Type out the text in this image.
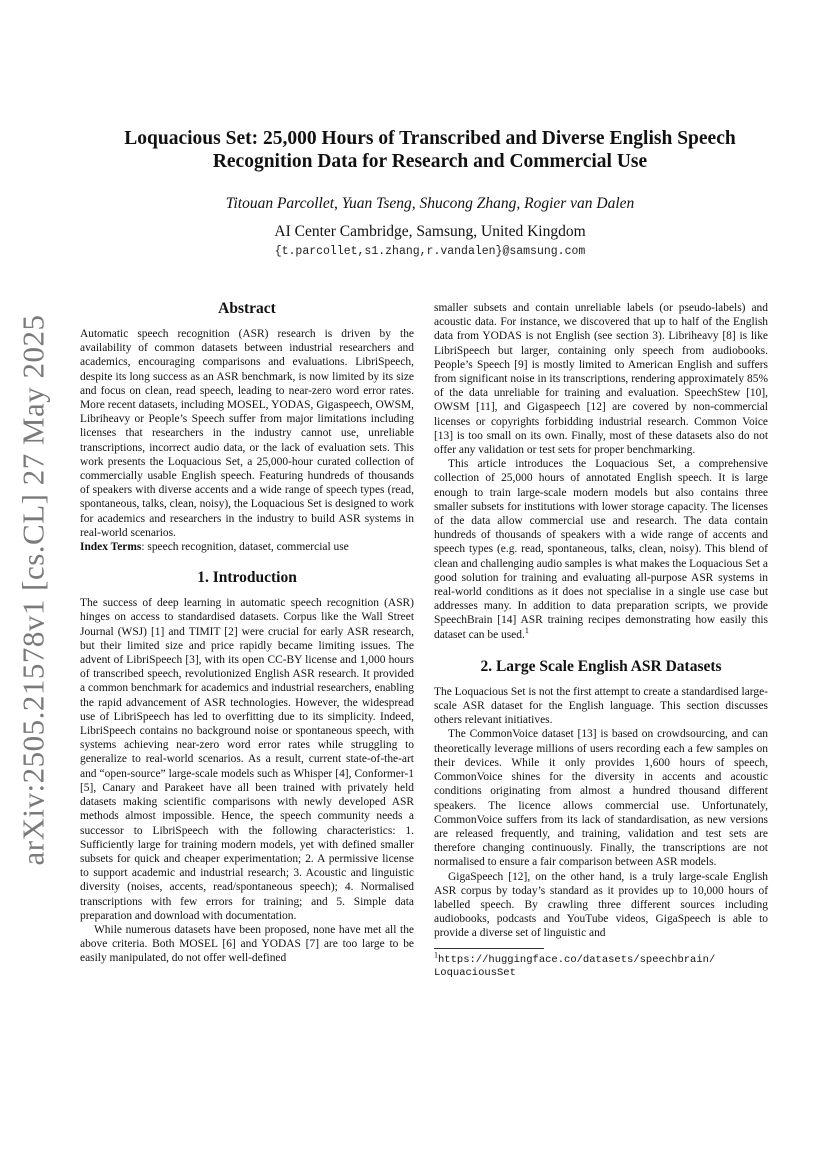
arXiv:2505.21578v1 [cs.CL] 27 May 2025
Loquacious Set: 25,000 Hours of Transcribed and Diverse English Speech
Recognition Data for Research and Commercial Use
Titouan Parcollet, Yuan Tseng, Shucong Zhang, Rogier van Dalen
AI Center Cambridge, Samsung, United Kingdom
{t.parcollet,s1.zhang,r.vandalen}@samsung.com
Abstract

Automatic speech recognition (ASR) research is driven by the availability of common datasets between industrial researchers and academics, encouraging comparisons and evaluations. LibriSpeech, despite its long success as an ASR benchmark, is now limited by its size and focus on clean, read speech, leading to near-zero word error rates. More recent datasets, including MOSEL, YODAS, Gigaspeech, OWSM, Libriheavy or People’s Speech suffer from major limitations including licenses that researchers in the industry cannot use, unreliable transcriptions, incorrect audio data, or the lack of evaluation sets. This work presents the Loquacious Set, a 25,000-hour curated collection of commercially usable English speech. Featuring hundreds of thousands of speakers with diverse accents and a wide range of speech types (read, spontaneous, talks, clean, noisy), the Loquacious Set is designed to work for academics and researchers in the industry to build ASR systems in real-world scenarios.

Index Terms: speech recognition, dataset, commercial use

1. Introduction

The success of deep learning in automatic speech recognition (ASR) hinges on access to standardised datasets. Corpus like the Wall Street Journal (WSJ) [1] and TIMIT [2] were crucial for early ASR research, but their limited size and price rapidly became limiting issues. The advent of LibriSpeech [3], with its open CC-BY license and 1,000 hours of transcribed speech, revolutionized English ASR research. It provided a common benchmark for academics and industrial researchers, enabling the rapid advancement of ASR technologies. However, the widespread use of LibriSpeech has led to overfitting due to its simplicity. Indeed, LibriSpeech contains no background noise or spontaneous speech, with systems achieving near-zero word error rates while struggling to generalize to real-world scenarios. As a result, current state-of-the-art and “open-source” large-scale models such as Whisper [4], Conformer-1 [5], Canary and Parakeet have all been trained with privately held datasets making scientific comparisons with newly developed ASR methods almost impossible. Hence, the speech community needs a successor to LibriSpeech with the following characteristics: 1. Sufficiently large for training modern models, yet with defined smaller subsets for quick and cheaper experimentation; 2. A permissive license to support academic and industrial research; 3. Acoustic and linguistic diversity (noises, accents, read/spontaneous speech); 4. Normalised transcriptions with few errors for training; and 5. Simple data preparation and download with documentation.

While numerous datasets have been proposed, none have met all the above criteria. Both MOSEL [6] and YODAS [7] are too large to be easily manipulated, do not offer well-defined

smaller subsets and contain unreliable labels (or pseudo-labels) and acoustic data. For instance, we discovered that up to half of the English data from YODAS is not English (see section 3). Libriheavy [8] is like LibriSpeech but larger, containing only speech from audiobooks. People’s Speech [9] is mostly limited to American English and suffers from significant noise in its transcriptions, rendering approximately 85% of the data unreliable for training and evaluation. SpeechStew [10], OWSM [11], and Gigaspeech [12] are covered by non-commercial licenses or copyrights forbidding industrial research. Common Voice [13] is too small on its own. Finally, most of these datasets also do not offer any validation or test sets for proper benchmarking.

This article introduces the Loquacious Set, a comprehensive collection of 25,000 hours of annotated English speech. It is large enough to train large-scale modern models but also contains three smaller subsets for institutions with lower storage capacity. The licenses of the data allow commercial use and research. The data contain hundreds of thousands of speakers with a wide range of accents and speech types (e.g. read, spontaneous, talks, clean, noisy). This blend of clean and challenging audio samples is what makes the Loquacious Set a good solution for training and evaluating all-purpose ASR systems in real-world conditions as it does not specialise in a single use case but addresses many. In addition to data preparation scripts, we provide SpeechBrain [14] ASR training recipes demonstrating how easily this dataset can be used.$^1$

2. Large Scale English ASR Datasets

The Loquacious Set is not the first attempt to create a standardised large-scale ASR dataset for the English language. This section discusses others relevant initiatives.

The CommonVoice dataset [13] is based on crowdsourcing, and can theoretically leverage millions of users recording each a few samples on their devices. While it only provides 1,600 hours of speech, CommonVoice shines for the diversity in accents and acoustic conditions originating from almost a hundred thousand different speakers. The licence allows commercial use. Unfortunately, CommonVoice suffers from its lack of standardisation, as new versions are released frequently, and training, validation and test sets are therefore changing continuously. Finally, the transcriptions are not normalised to ensure a fair comparison between ASR models.

GigaSpeech [12], on the other hand, is a truly large-scale English ASR corpus by today’s standard as it provides up to 10,000 hours of labelled speech. By crawling three different sources including audiobooks, podcasts and YouTube videos, GigaSpeech is able to provide a diverse set of linguistic and

$^1$https://huggingface.co/datasets/speechbrain/ LoquaciousSet
